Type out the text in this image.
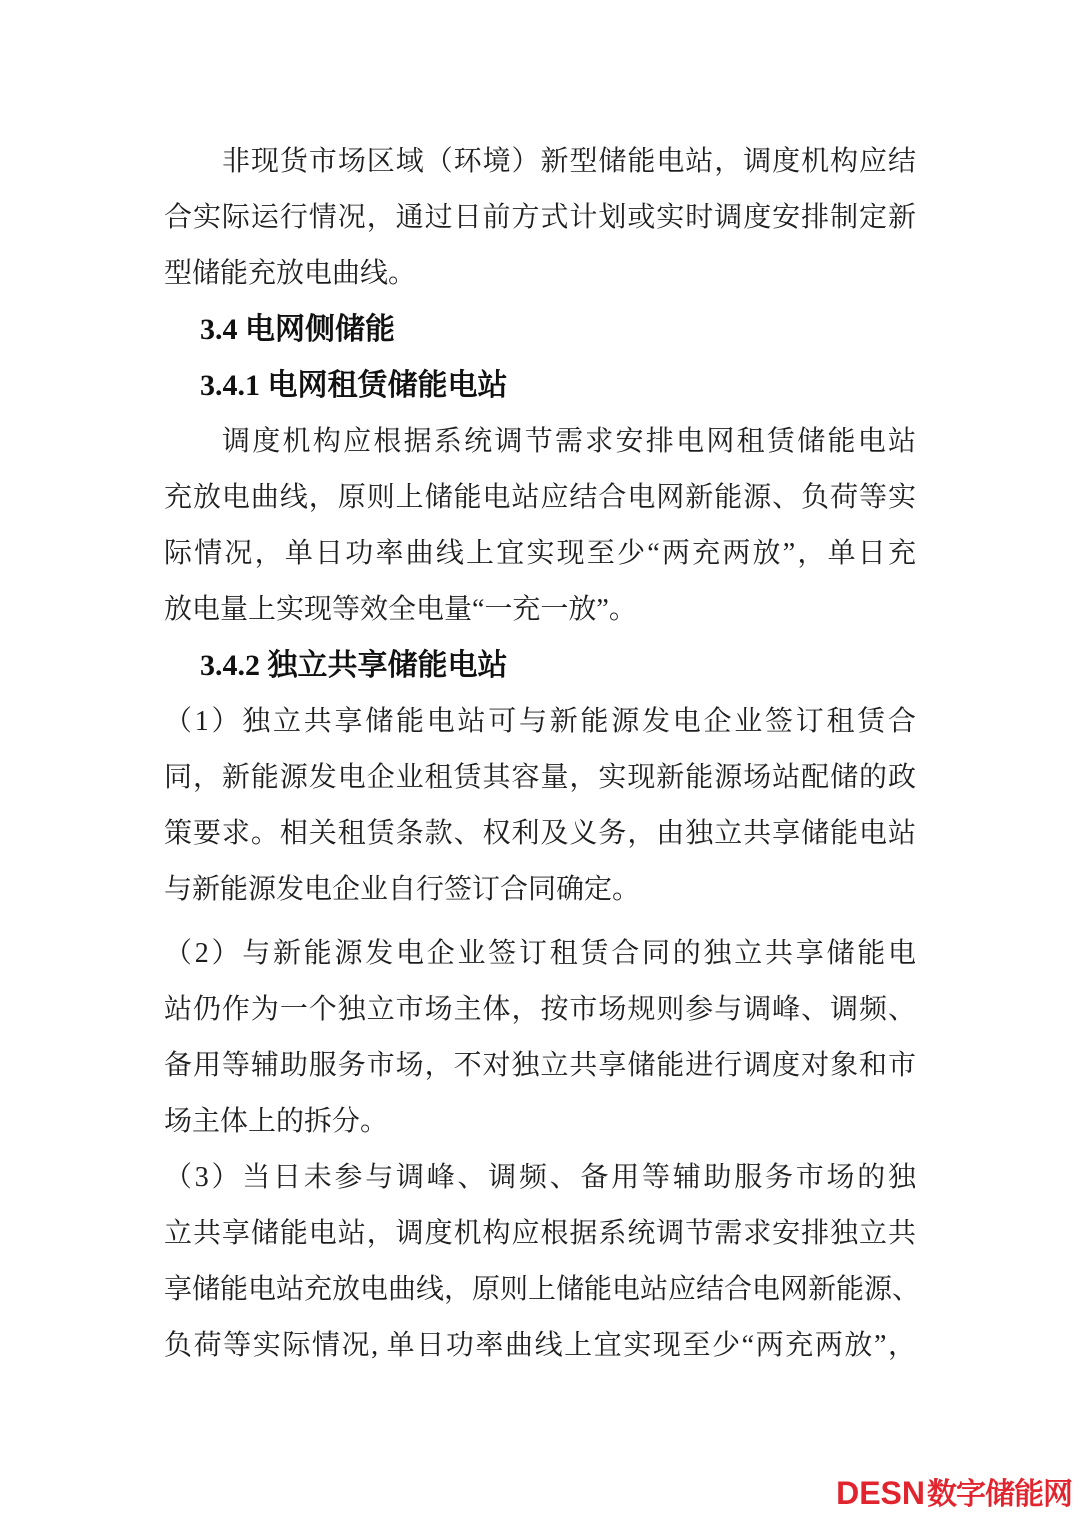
非现货市场区域（环境）新型储能电站，调度机构应结
合实际运行情况，通过日前方式计划或实时调度安排制定新
型储能充放电曲线。
3.4 电网侧储能
3.4.1 电网租赁储能电站
调度机构应根据系统调节需求安排电网租赁储能电站
充放电曲线，原则上储能电站应结合电网新能源、负荷等实
际情况，单日功率曲线上宜实现至少“两充两放”，单日充
放电量上实现等效全电量“一充一放”。
3.4.2 独立共享储能电站
（1）独立共享储能电站可与新能源发电企业签订租赁合
同，新能源发电企业租赁其容量，实现新能源场站配储的政
策要求。相关租赁条款、权利及义务，由独立共享储能电站
与新能源发电企业自行签订合同确定。
（2）与新能源发电企业签订租赁合同的独立共享储能电
站仍作为一个独立市场主体，按市场规则参与调峰、调频、
备用等辅助服务市场，不对独立共享储能进行调度对象和市
场主体上的拆分。
（3）当日未参与调峰、调频、备用等辅助服务市场的独
立共享储能电站，调度机构应根据系统调节需求安排独立共
享储能电站充放电曲线，原则上储能电站应结合电网新能源、
负荷等实际情况, 单日功率曲线上宜实现至少“两充两放”，
DESN数字储能网
